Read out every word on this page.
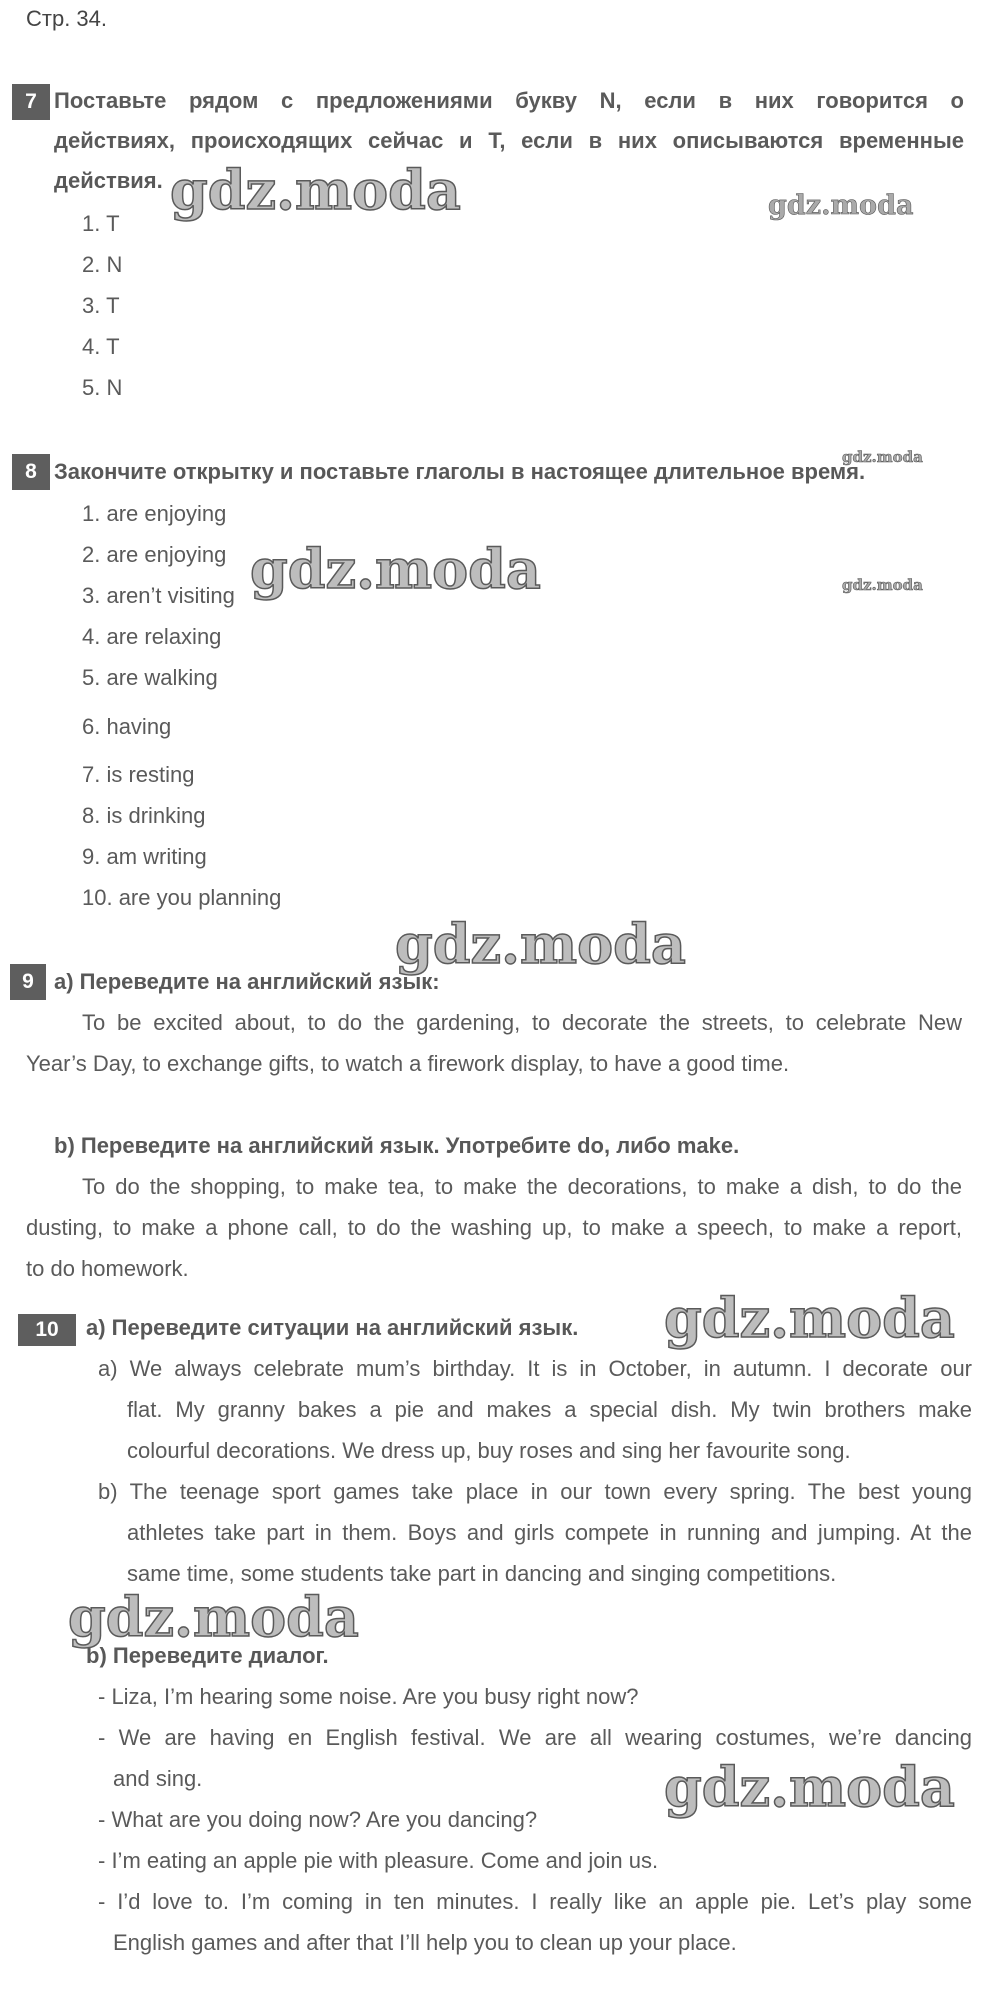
Стр. 34.
7 Поставьте рядом с предложениями букву N, если в них говорится о
действиях, происходящих сейчас и T, если в них описываются временные
действия.
1. T
2. N
3. T
4. T
5. N
8 Закончите открытку и поставьте глаголы в настоящее длительное время.
1. are enjoying
2. are enjoying
3. aren’t visiting
4. are relaxing
5. are walking
6. having
7. is resting
8. is drinking
9. am writing
10. are you planning
9 a) Переведите на английский язык:
To be excited about, to do the gardening, to decorate the streets, to celebrate New
Year’s Day, to exchange gifts, to watch a firework display, to have a good time.
b) Переведите на английский язык. Употребите do, либо make.
To do the shopping, to make tea, to make the decorations, to make a dish, to do the
dusting, to make a phone call, to do the washing up, to make a speech, to make a report,
to do homework.
10	a) Переведите ситуации на английский язык.
a) We always celebrate mum’s birthday. It is in October, in autumn. I decorate our
flat. My granny bakes a pie and makes a special dish. My twin brothers make
colourful decorations. We dress up, buy roses and sing her favourite song.
b) The teenage sport games take place in our town every spring. The best young
athletes take part in them. Boys and girls compete in running and jumping. At the
same time, some students take part in dancing and singing competitions.
b) Переведите диалог.
- Liza, I’m hearing some noise. Are you busy right now?
- We are having en English festival. We are all wearing costumes, we’re dancing
and sing.
- What are you doing now? Are you dancing?
- I’m eating an apple pie with pleasure. Come and join us.
- I’d love to. I’m coming in ten minutes. I really like an apple pie. Let’s play some
English games and after that I’ll help you to clean up your place.
gdz.moda	gdz.moda
gdz.moda
gdz.moda	gdz.moda
gdz.moda
gdz.moda
gdz.moda
gdz.moda
